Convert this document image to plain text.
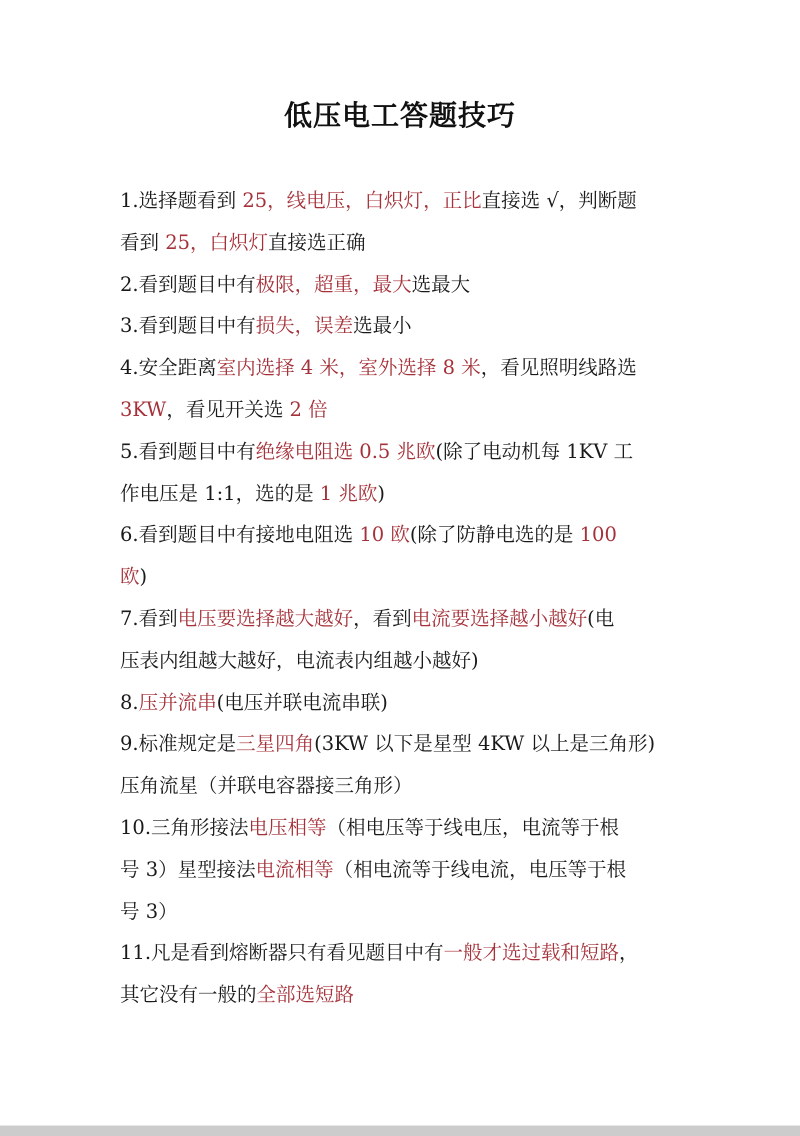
低压电工答题技巧
1.选择题看到 25，线电压，白炽灯，正比直接选 √，判断题
看到 25，白炽灯直接选正确
2.看到题目中有极限，超重，最大选最大
3.看到题目中有损失，误差选最小
4.安全距离室内选择 4 米，室外选择 8 米，看见照明线路选
3KW，看见开关选 2 倍
5.看到题目中有绝缘电阻选 0.5 兆欧(除了电动机每 1KV 工
作电压是 1:1，选的是 1 兆欧)
6.看到题目中有接地电阻选 10 欧(除了防静电选的是 100
欧)
7.看到电压要选择越大越好，看到电流要选择越小越好(电
压表内组越大越好，电流表内组越小越好)
8.压并流串(电压并联电流串联)
9.标准规定是三星四角(3KW 以下是星型 4KW 以上是三角形)
压角流星（并联电容器接三角形）
10.三角形接法电压相等（相电压等于线电压，电流等于根
号 3）星型接法电流相等（相电流等于线电流，电压等于根
号 3）
11.凡是看到熔断器只有看见题目中有一般才选过载和短路，
其它没有一般的全部选短路
